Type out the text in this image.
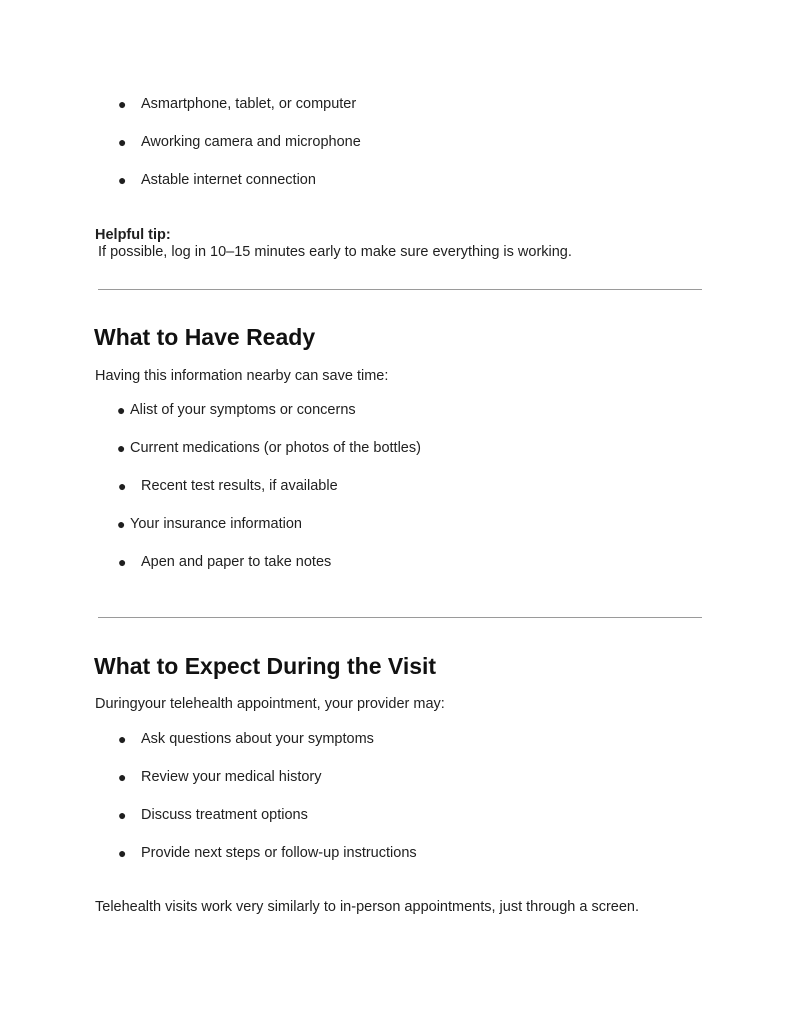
● Asmartphone, tablet, or computer
● Aworking camera and microphone
● Astable internet connection
Helpful tip:
If possible, log in 10–15 minutes early to make sure everything is working.
What to Have Ready
Having this information nearby can save time:
● Alist of your symptoms or concerns
● Current medications (or photos of the bottles)
● Recent test results, if available
● Your insurance information
● Apen and paper to take notes
What to Expect During the Visit
Duringyour telehealth appointment, your provider may:
● Ask questions about your symptoms
● Review your medical history
● Discuss treatment options
● Provide next steps or follow-up instructions
Telehealth visits work very similarly to in-person appointments, just through a screen.
